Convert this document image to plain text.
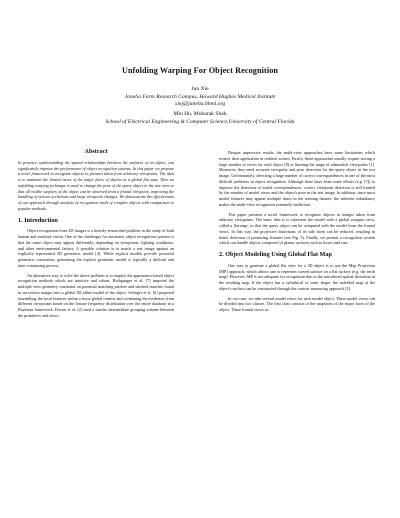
Unfolding Warping For Object Recognition
Jun Xie
Janelia Farm Research Campus, Howard Hughes Medical Institute
xiej@janelia.hhmi.org
Min Hu, Mubarak Shah
School of Electrical Engineering & Computer Science,University of Central Florida
Abstract

In practice, understanding the spatial relationships between the surfaces of an object, can significantly improve the performance of object recognition systems. In this paper we propose a novel framework to recognize objects in pictures taken from arbitrary viewpoints. The idea is to maintain the frontal views of the major faces of objects in a global flat map. Then an unfolding warping technique is used to change the pose of the query object in the test view so that all visible surfaces of the object can be observed from a frontal viewpoint, improving the handling of serious occlusions and large viewpoint changes. We demonstrate the effectiveness of our approach through analysis of recognition trails of complex objects with comparison to popular methods.

1. Introduction

Object recognition from 2D images is a heavily-researched problem in the study of both human and machine vision. One of the challenges for automatic object recognition systems is that the same object may appear differently, depending on viewpoints, lighting conditions, and other environmental factors. A possible solution is to match a test image against an explicitly represented 3D geometric model [4]. While explicit models provide powerful geometric constraints, generating the explicit geometric model is typically a difficult and time-consuming process.

An alternative way to solve the above problem is to employ the appearance-based object recognition methods which are intuitive and robust. Rothganger et al. [7] imposed the multiple view geometry constraint on potential matching patches and stitched matches found in successive images into a global 3D affine model of the object. Selinger et al. [6] proposed assembling the local features within a loose global context and combining the evidences from different viewpoints based on the feature frequency distribution over the entire database in a Bayesian framework. Ferrari et al. [2] used a similar intermediate grouping scheme between the primitives and views.

Despite impressive results, the multi-view approaches have some limitations which restrict their application in realistic scenes. Firstly, those approaches usually require storing a large number of views for each object [8] or limiting the range of admissible viewpoints [1]. Moreover, they need accurate viewpoint and pose detection for the query object in the test image. Unfortunately, detecting a large number of correct correspondences in one of the most difficult problems in object recognition. Although there have been some efforts (e.g. [7]) to improve the detection of initial correspondences, correct viewpoint detection is still limited by the number of model views and the object's pose in the test image. In addition, since most model features may appear multiple times in the training dataset, the inherent redundancy makes the multi-view recognition extremely inefficient.

This paper presents a novel framework to recognize objects in images taken from arbitrary viewpoints. The basic idea is to represent the model with a global compact view, called a flat map, so that the query object can be compared with the model from the frontal views. In this way, the projective distortions of its side faces can be reduced, resulting in better detection of promising features (see Fig. 3). Finally, we present a recognition system which can handle objects composed of planar surfaces such as boxes and cars.

2. Object Modeling Using Global Flat Map

One way to generate a global flat view for a 3D object is to use the Map Projection (MP) approach, which allows one to represent curved surface on a flat surface (e.g. the earth map). However, MP is not adequate for recognition due to the introduced spatial distortion in the resulting map. If the object has a cylindrical or conic shape, the unfolded map of the object's surface can be constructed through the context measuring approach [3].

In our case, we take several model views for each model object. These model views can be divided into two classes. The first class consists of the snapshots of the major faces of the object. These frontal views ac-
